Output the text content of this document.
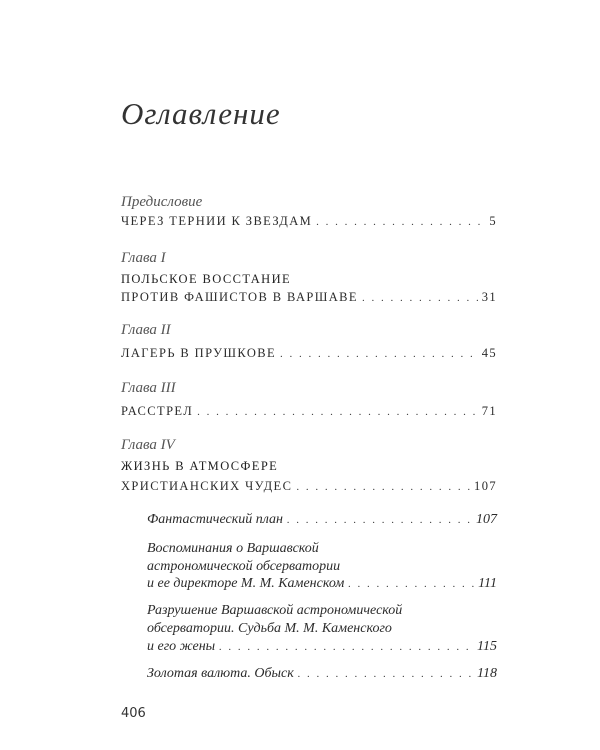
Оглавление
Предисловие
ЧЕРЕЗ ТЕРНИИ К ЗВЕЗДАМ . . .	5
Глава I
ПОЛЬСКОЕ ВОССТАНИЕ
ПРОТИВ ФАШИСТОВ В ВАРШАВЕ . . .	31
Глава II
ЛАГЕРЬ В ПРУШКОВЕ . . .	45
Глава III
РАССТРЕЛ . . .	71
Глава IV
ЖИЗНЬ В АТМОСФЕРЕ
ХРИСТИАНСКИХ ЧУДЕС . . .	107
Фантастический план . . .	107
Воспоминания о Варшавской
астрономической обсерватории
и ее директоре М. М. Каменском . . .	111
Разрушение Варшавской астрономической
обсерватории. Судьба М. М. Каменского
и его жены . . .	115
Золотая валюта. Обыск . . .	118
406
